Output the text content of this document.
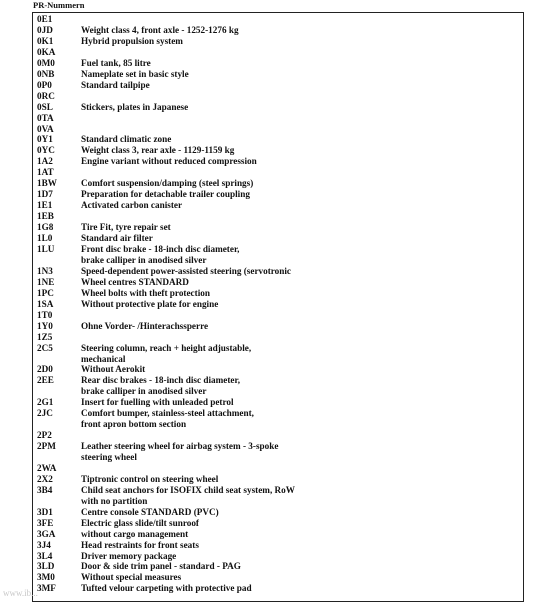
PR-Nummern
0E1
0JD	Weight class 4, front axle - 1252-1276 kg
0K1	Hybrid propulsion system
0KA
0M0	Fuel tank, 85 litre
0NB	Nameplate set in basic style
0P0	Standard tailpipe
0RC
0SL	Stickers, plates in Japanese
0TA
0VA
0Y1	Standard climatic zone
0YC	Weight class 3, rear axle - 1129-1159 kg
1A2	Engine variant without reduced compression
1AT
1BW	Comfort suspension/damping (steel springs)
1D7	Preparation for detachable trailer coupling
1E1	Activated carbon canister
1EB
1G8	Tire Fit, tyre repair set
1L0	Standard air filter
1LU	Front disc brake - 18-inch disc diameter,
brake calliper in anodised silver
1N3	Speed-dependent power-assisted steering (servotronic
1NE	Wheel centres STANDARD
1PC	Wheel bolts with theft protection
1SA	Without protective plate for engine
1T0
1Y0	Ohne Vorder- /Hinterachssperre
1Z5
2C5	Steering column, reach + height adjustable,
mechanical
2D0	Without Aerokit
2EE	Rear disc brakes - 18-inch disc diameter,
brake calliper in anodised silver
2G1	Insert for fuelling with unleaded petrol
2JC	Comfort bumper, stainless-steel attachment,
front apron bottom section
2P2
2PM	Leather steering wheel for airbag system - 3-spoke
steering wheel
2WA
2X2	Tiptronic control on steering wheel
3B4	Child seat anchors for ISOFIX child seat system, RoW
with no partition
3D1	Centre console STANDARD (PVC)
3FE	Electric glass slide/tilt sunroof
3GA	without cargo management
3J4	Head restraints for front seats
3L4	Driver memory package
3LD	Door & side trim panel - standard - PAG
3M0	Without special measures
3MF	Tufted velour carpeting with protective pad
www.ib...
